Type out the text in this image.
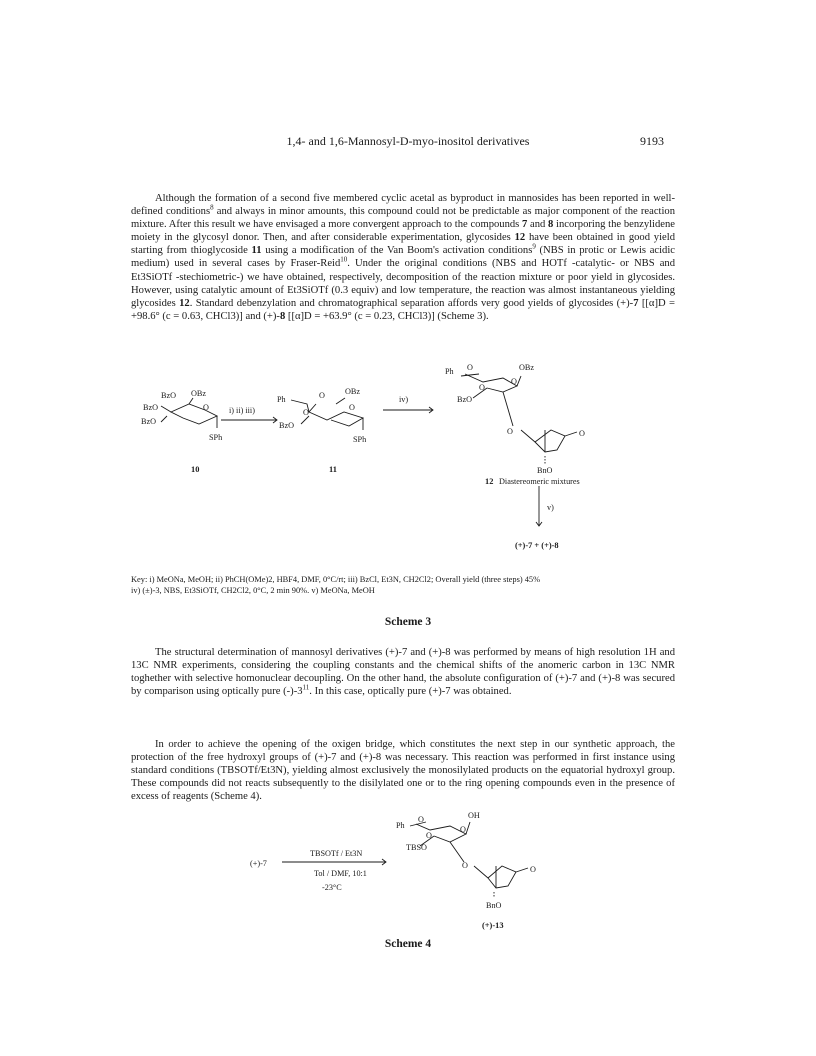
1,4- and 1,6-Mannosyl-D-myo-inositol derivatives	9193

Although the formation of a second five membered cyclic acetal as byproduct in mannosides has been reported in well-defined conditions$^8$ and always in minor amounts, this compound could not be predictable as major component of the reaction mixture. After this result we have envisaged a more convergent approach to the compounds 7 and 8 incorporing the benzylidene moiety in the glycosyl donor. Then, and after considerable experimentation, glycosides 12 have been obtained in good yield starting from thioglycoside 11 using a modification of the Van Boom's activation conditions$^9$ (NBS in protic or Lewis acidic medium) used in several cases by Fraser-Reid$^{10}$. Under the original conditions (NBS and HOTf -catalytic- or NBS and Et3SiOTf -stechiometric-) we have obtained, respectively, decomposition of the reaction mixture or poor yield in glycosides. However, using catalytic amount of Et3SiOTf (0.3 equiv) and low temperature, the reaction was almost instantaneous yielding glycosides 12. Standard debenzylation and chromatographical separation affords very good yields of glycosides (+)-7 [[α]D = +98.6° (c = 0.63, CHCl3)] and (+)-8 [[α]D = +63.9° (c = 0.23, CHCl3)] (Scheme 3).

BzO OBz
BzO	O
BzO
SPh
10
i) ii) iii)
Ph	O OBz
O
O
BzO
SPh
11
iv)
Ph O	OBz
O
O
BzO
O	O
BnO
12 Diastereomeric mixtures
v)
(+)-7 + (+)-8
Key: i) MeONa, MeOH; ii) PhCH(OMe)2, HBF4, DMF, 0°C/rt; iii) BzCl, Et3N, CH2Cl2; Overall yield (three steps) 45%
iv) (±)-3, NBS, Et3SiOTf, CH2Cl2, 0°C, 2 min 90%. v) MeONa, MeOH
Scheme 3

The structural determination of mannosyl derivatives (+)-7 and (+)-8 was performed by means of high resolution 1H and 13C NMR experiments, considering the coupling constants and the chemical shifts of the anomeric carbon in 13C NMR toghether with selective homonuclear decoupling. On the other hand, the absolute configuration of (+)-7 and (+)-8 was secured by comparison using optically pure $(-)-3^{11}$. In this case, optically pure (+)-7 was obtained.

In order to achieve the opening of the oxigen bridge, which constitutes the next step in our synthetic approach, the protection of the free hydroxyl groups of (+)-7 and (+)-8 was necessary. This reaction was performed in first instance using standard conditions (TBSOTf/Et3N), yielding almost exclusively the monosilylated products on the equatorial hydroxyl group. These compounds did not reacts subsequently to the disilylated one or to the ring opening compounds even in the presence of excess of reagents (Scheme 4).

(+)-7
TBSOTf / Et3N
Tol / DMF, 10:1
-23°C
Ph
O	OH
O
O
TBSO
O	O
BnO
(+)-13
Scheme 4
